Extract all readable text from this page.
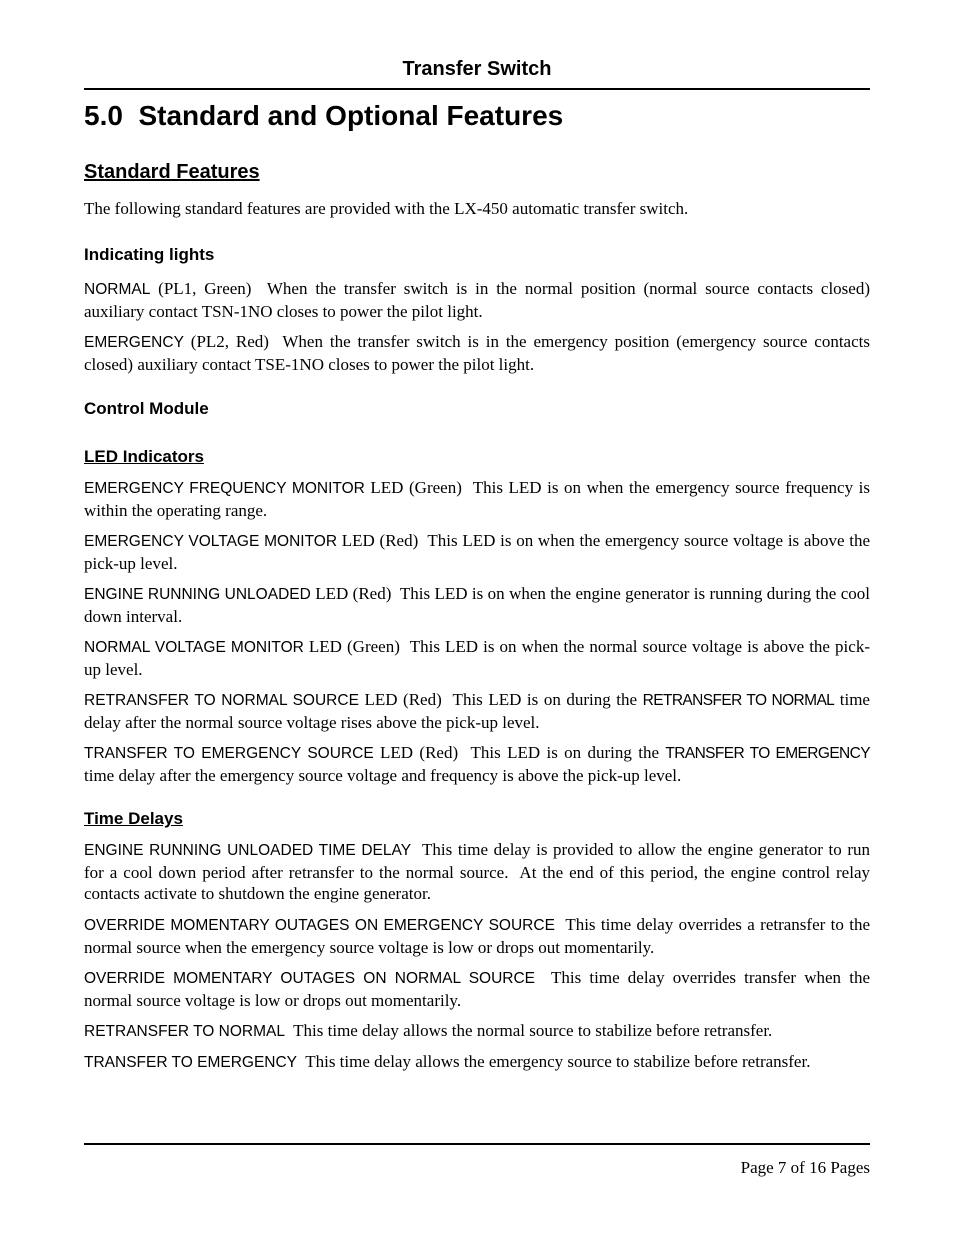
Transfer Switch
5.0  Standard and Optional Features
Standard Features

The following standard features are provided with the LX-450 automatic transfer switch.

Indicating lights

NORMAL (PL1, Green)  When the transfer switch is in the normal position (normal source contacts closed) auxiliary contact TSN-1NO closes to power the pilot light.

EMERGENCY (PL2, Red)  When the transfer switch is in the emergency position (emergency source contacts closed) auxiliary contact TSE-1NO closes to power the pilot light.

Control Module
LED Indicators

EMERGENCY FREQUENCY MONITOR LED (Green)  This LED is on when the emergency source frequency is within the operating range.

EMERGENCY VOLTAGE MONITOR LED (Red)  This LED is on when the emergency source voltage is above the pick-up level.

ENGINE RUNNING UNLOADED LED (Red)  This LED is on when the engine generator is running during the cool down interval.

NORMAL VOLTAGE MONITOR LED (Green)  This LED is on when the normal source voltage is above the pick-up level.

RETRANSFER TO NORMAL SOURCE LED (Red)  This LED is on during the RETRANSFER TO NORMAL time delay after the normal source voltage rises above the pick-up level.

TRANSFER TO EMERGENCY SOURCE LED (Red)  This LED is on during the TRANSFER TO EMERGENCY time delay after the emergency source voltage and frequency is above the pick-up level.

Time Delays

ENGINE RUNNING UNLOADED TIME DELAY  This time delay is provided to allow the engine generator to run for a cool down period after retransfer to the normal source.  At the end of this period, the engine control relay contacts activate to shutdown the engine generator.

OVERRIDE MOMENTARY OUTAGES ON EMERGENCY SOURCE  This time delay overrides a retransfer to the normal source when the emergency source voltage is low or drops out momentarily.

OVERRIDE MOMENTARY OUTAGES ON NORMAL SOURCE  This time delay overrides transfer when the normal source voltage is low or drops out momentarily.

RETRANSFER TO NORMAL  This time delay allows the normal source to stabilize before retransfer.

TRANSFER TO EMERGENCY  This time delay allows the emergency source to stabilize before retransfer.

Page 7 of 16 Pages
